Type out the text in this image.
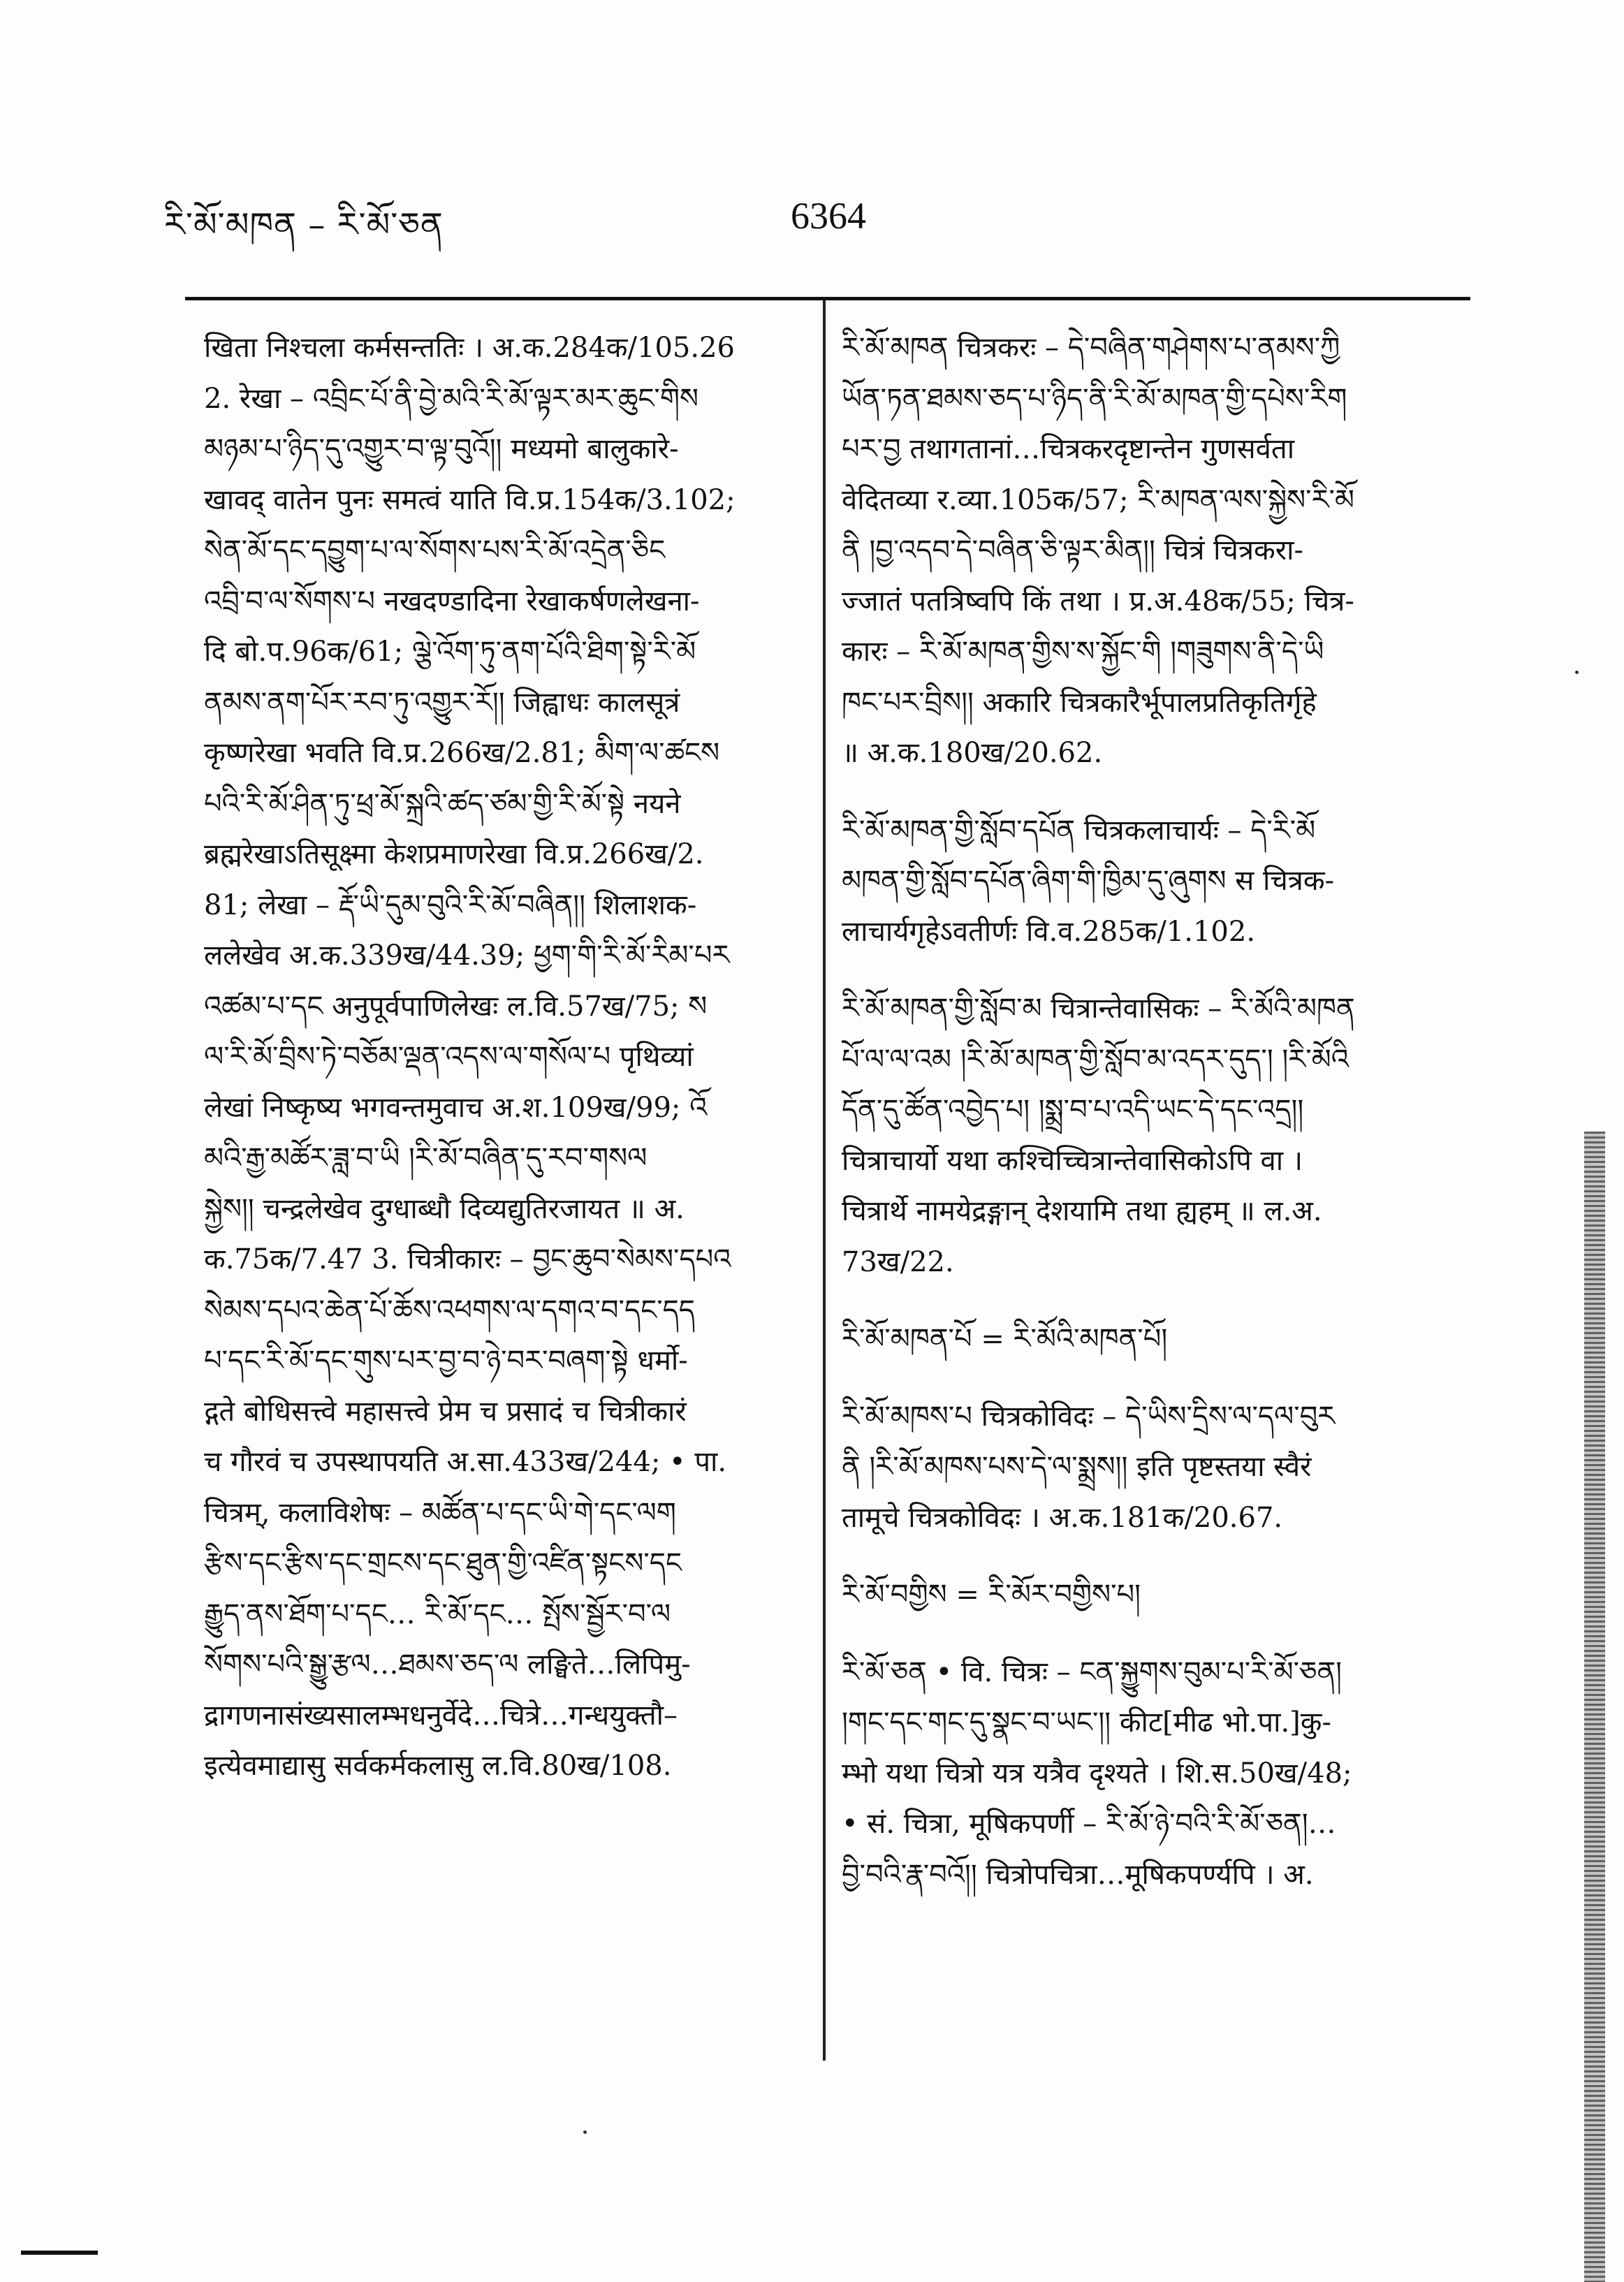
རི་མོ་མཁན – རི་མོ་ཅན	6364
खिता निश्चला कर्मसन्ततिः । अ.क.284क/105.26
2. रेखा – འབྲིང་པོ་ནི་བྱེ་མའི་རི་མོ་ལྟར་མར་ཆུང་གིས
མཉམ་པ་ཉིད་དུ་འགྱུར་བ་ལྟ་བུའོ།། मध्यमो बालुकारे-
खावद् वातेन पुनः समत्वं याति वि.प्र.154क/3.102;
སེན་མོ་དང་དབྱུག་པ་ལ་སོགས་པས་རི་མོ་འདྲེན་ཅིང
འབྲི་བ་ལ་སོགས་པ नखदण्डादिना रेखाकर्षणलेखना-
दि बो.प.96क/61; ལྕེ་འོག་ཏུ་ནག་པོའི་ཐིག་སྟེ་རི་མོ
ནམས་ནག་པོར་རབ་ཏུ་འགྱུར་རོ།། जिह्वाधः कालसूत्रं
कृष्णरेखा भवति वि.प्र.266ख/2.81; མིག་ལ་ཚངས
པའི་རི་མོ་ཤིན་ཏུ་ཕྲ་མོ་སྐྲའི་ཚད་ཙམ་གྱི་རི་མོ་སྟེ नयने
ब्रह्मरेखाऽतिसूक्ष्मा केशप्रमाणरेखा वि.प्र.266ख/2.
81; लेखा – རྡོ་ཡི་དུམ་བུའི་རི་མོ་བཞིན།། शिलाशक-
ललेखेव अ.क.339ख/44.39; ཕྱག་གི་རི་མོ་རིམ་པར
འཚམ་པ་དང अनुपूर्वपाणिलेखः ल.वि.57ख/75; ས
ལ་རི་མོ་བྲིས་ཏེ་བཅོམ་ལྡན་འདས་ལ་གསོལ་པ पृथिव्यां
लेखां निष्कृष्य भगवन्तमुवाच अ.श.109ख/99; འོ
མའི་རྒྱ་མཚོར་ཟླ་བ་ཡི །རི་མོ་བཞིན་དུ་རབ་གསལ
སྐྱེས།། चन्द्रलेखेव दुग्धाब्धौ दिव्यद्युतिरजायत ॥ अ.
क.75क/7.47 3. चित्रीकारः – བྱང་ཆུབ་སེམས་དཔའ
སེམས་དཔའ་ཆེན་པོ་ཆོས་འཕགས་ལ་དགའ་བ་དང་དད
པ་དང་རི་མོ་དང་གུས་པར་བྱ་བ་ཉེ་བར་བཞག་སྟེ धर्मो-
द्गते बोधिसत्त्वे महासत्त्वे प्रेम च प्रसादं च चित्रीकारं
च गौरवं च उपस्थापयति अ.सा.433ख/244; • पा.
चित्रम्, कलाविशेषः – མཚོན་པ་དང་ཡི་གེ་དང་ལག
རྩིས་དང་རྩིས་དང་གྲངས་དང་ཐུན་གྱི་འཛིན་སྟངས་དང
རྒྱུད་ནས་ཐོག་པ་དང… རི་མོ་དང… སྤོས་སྦྱོར་བ་ལ
སོགས་པའི་སྒྱུ་རྩལ…ཐམས་ཅད་ལ लङ्घिते…लिपिमु-
द्रागणनासंख्यसालम्भधनुर्वेदे…चित्रे…गन्धयुक्तौ–
इत्येवमाद्यासु सर्वकर्मकलासु ल.वि.80ख/108.
རི་མོ་མཁན चित्रकरः – དེ་བཞིན་གཤེགས་པ་ནམས་ཀྱི
ཡོན་ཏན་ཐམས་ཅད་པ་ཉིད་ནི་རི་མོ་མཁན་གྱི་དཔེས་རིག
པར་བྱ तथागतानां…चित्रकरदृष्टान्तेन गुणसर्वता
वेदितव्या र.व्या.105क/57; རི་མཁན་ལས་སྐྱེས་རི་མོ
ནི །བྱ་འདབ་དེ་བཞིན་ཅི་ལྟར་མིན།། चित्रं चित्रकरा-
ज्जातं पतत्रिष्वपि किं तथा । प्र.अ.48क/55; चित्र-
कारः – རི་མོ་མཁན་གྱིས་ས་སྐྱོང་གི །གཟུགས་ནི་དེ་ཡི
ཁང་པར་བྲིས།། अकारि चित्रकारैर्भूपालप्रतिकृतिर्गृहे
॥ अ.क.180ख/20.62.
རི་མོ་མཁན་གྱི་སློབ་དཔོན चित्रकलाचार्यः – དེ་རི་མོ
མཁན་གྱི་སློབ་དཔོན་ཞིག་གི་ཁྱིམ་དུ་ཞུགས स चित्रक-
लाचार्यगृहेऽवतीर्णः वि.व.285क/1.102.
རི་མོ་མཁན་གྱི་སློབ་མ चित्रान्तेवासिकः – རི་མོའི་མཁན
པོ་ལ་ལ་འམ །རི་མོ་མཁན་གྱི་སློབ་མ་འདར་དུད་། །རི་མོའི
དོན་དུ་ཚོན་འབྱེད་པ། །སྨྲ་བ་པ་འདི་ཡང་དེ་དང་འདྲ།།
चित्राचार्यो यथा कश्चिच्चित्रान्तेवासिकोऽपि वा ।
चित्रार्थे नामयेद्रङ्गान् देशयामि तथा ह्यहम् ॥ ल.अ.
73ख/22.
རི་མོ་མཁན་པོ = རི་མོའི་མཁན་པོ།
རི་མོ་མཁས་པ चित्रकोविदः – དེ་ཡིས་དྲིས་ལ་དལ་བུར
ནི །རི་མོ་མཁས་པས་དེ་ལ་སྨྲས།། इति पृष्टस्तया स्वैरं
तामूचे चित्रकोविदः । अ.क.181क/20.67.
རི་མོ་བགྱིས = རི་མོར་བགྱིས་པ།
རི་མོ་ཅན • वि. चित्रः – ངན་སྐྱུགས་བུམ་པ་རི་མོ་ཅན།
།གང་དང་གང་དུ་སྣང་བ་ཡང་།། कीट[मीढ भो.पा.]कु-
म्भो यथा चित्रो यत्र यत्रैव दृश्यते । शि.स.50ख/48;
• सं. चित्रा, मूषिकपर्णी – རི་མོ་ཉེ་བའི་རི་མོ་ཅན།…
བྱི་བའི་རྣ་བའོ།། चित्रोपचित्रा…मूषिकपर्ण्यपि । अ.
